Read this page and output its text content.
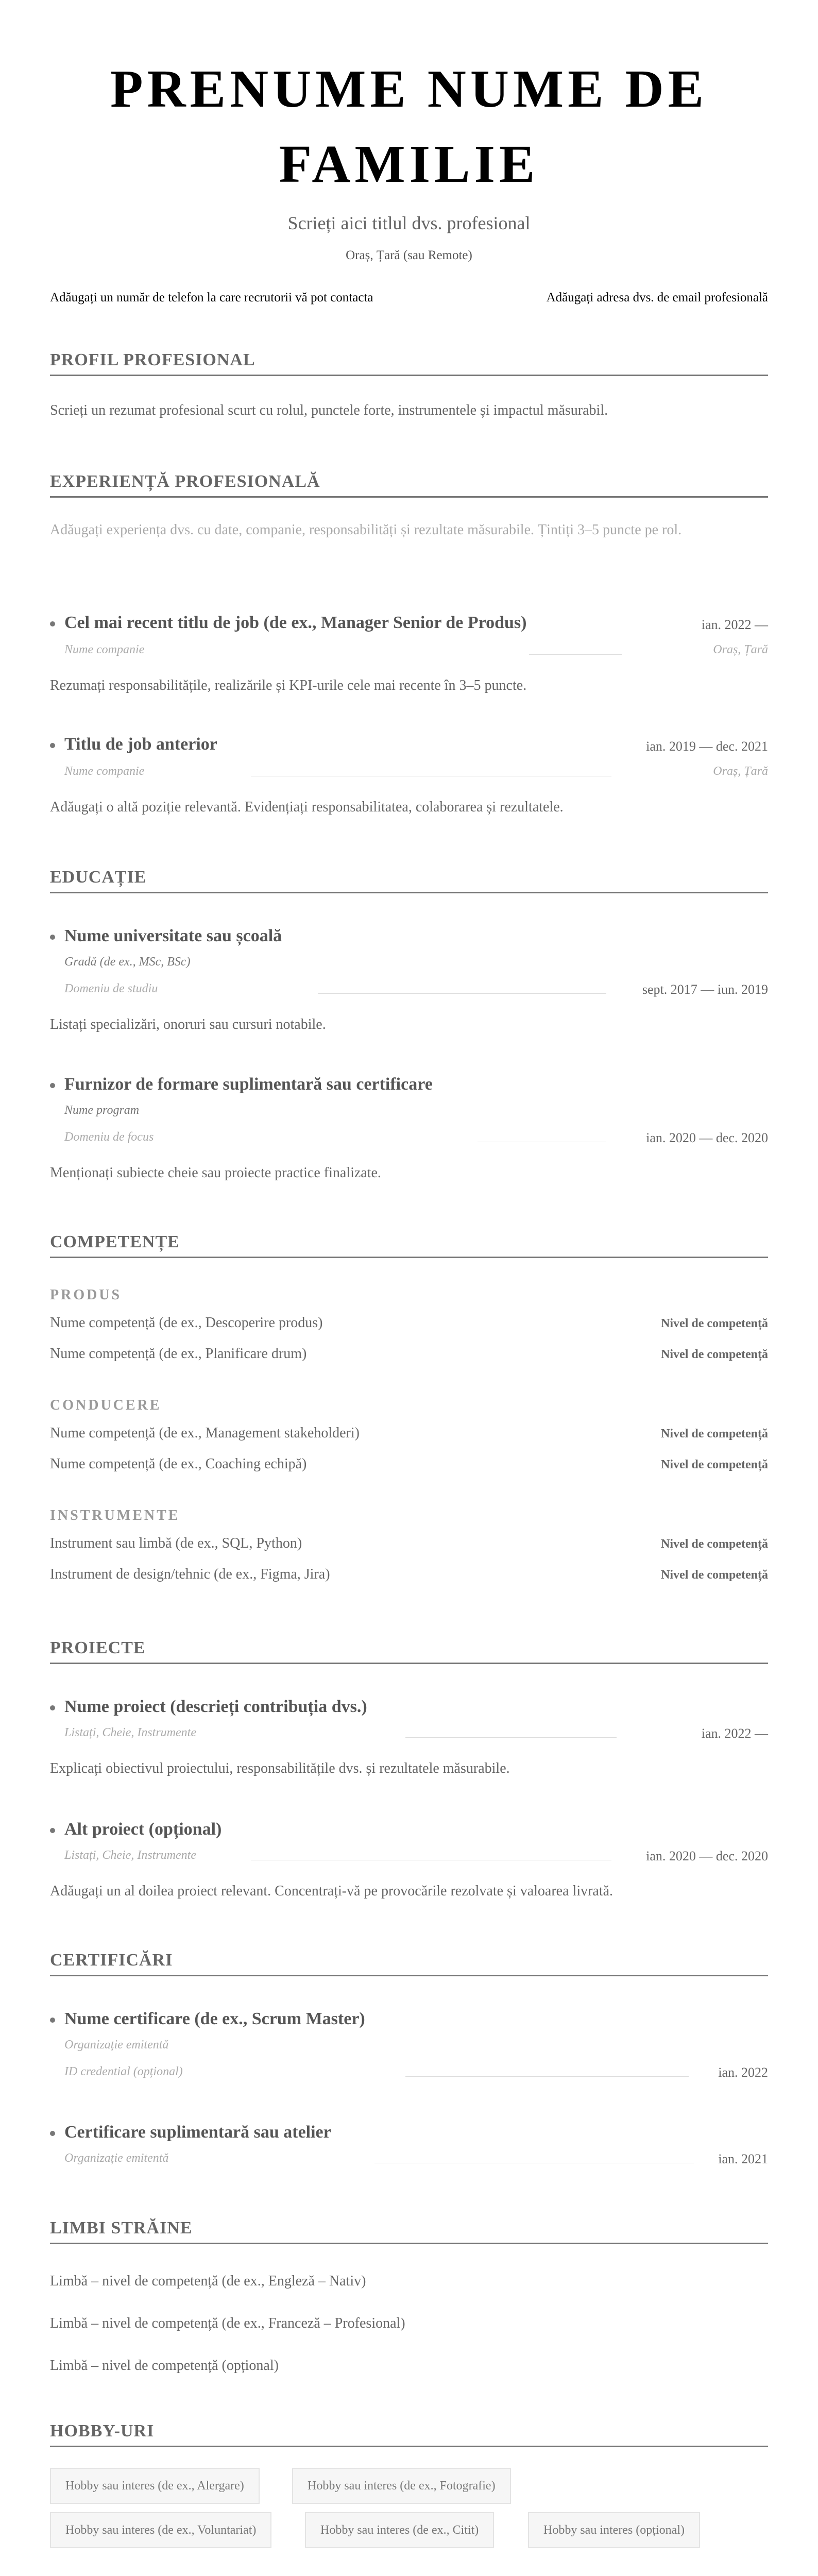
PRENUME NUME DE
FAMILIE
Scrieți aici titlul dvs. profesional
Oraș, Țară (sau Remote)
Adăugați un număr de telefon la care recrutorii vă pot contacta	Adăugați adresa dvs. de email profesională
PROFIL PROFESIONAL
Scrieți un rezumat profesional scurt cu rolul, punctele forte, instrumentele și impactul măsurabil.
EXPERIENȚĂ PROFESIONALĂ
Adăugați experiența dvs. cu date, companie, responsabilități și rezultate măsurabile. Țintiți 3–5 puncte pe rol.
Cel mai recent titlu de job (de ex., Manager Senior de Produs)	ian. 2022 —
Nume companie	Oraș, Țară
Rezumați responsabilitățile, realizările și KPI-urile cele mai recente în 3–5 puncte.
Titlu de job anterior	ian. 2019 — dec. 2021
Nume companie	Oraș, Țară
Adăugați o altă poziție relevantă. Evidențiați responsabilitatea, colaborarea și rezultatele.
EDUCAȚIE
Nume universitate sau școală
Gradă (de ex., MSc, BSc)
Domeniu de studiu	sept. 2017 — iun. 2019
Listați specializări, onoruri sau cursuri notabile.
Furnizor de formare suplimentară sau certificare
Nume program
Domeniu de focus	ian. 2020 — dec. 2020
Menționați subiecte cheie sau proiecte practice finalizate.
COMPETENȚE
PRODUS
Nume competență (de ex., Descoperire produs)	Nivel de competență
Nume competență (de ex., Planificare drum)	Nivel de competență
CONDUCERE
Nume competență (de ex., Management stakeholderi)	Nivel de competență
Nume competență (de ex., Coaching echipă)	Nivel de competență
INSTRUMENTE
Instrument sau limbă (de ex., SQL, Python)	Nivel de competență
Instrument de design/tehnic (de ex., Figma, Jira)	Nivel de competență
PROIECTE
Nume proiect (descrieți contribuția dvs.)
Listați, Cheie, Instrumente	ian. 2022 —
Explicați obiectivul proiectului, responsabilitățile dvs. și rezultatele măsurabile.
Alt proiect (opțional)
Listați, Cheie, Instrumente	ian. 2020 — dec. 2020
Adăugați un al doilea proiect relevant. Concentrați-vă pe provocările rezolvate și valoarea livrată.
CERTIFICĂRI
Nume certificare (de ex., Scrum Master)
Organizație emitentă
ID credential (opțional)	ian. 2022
Certificare suplimentară sau atelier
Organizație emitentă	ian. 2021
LIMBI STRĂINE
Limbă – nivel de competență (de ex., Engleză – Nativ)
Limbă – nivel de competență (de ex., Franceză – Profesional)
Limbă – nivel de competență (opțional)
HOBBY-URI
Hobby sau interes (de ex., Alergare)	Hobby sau interes (de ex., Fotografie)
Hobby sau interes (de ex., Voluntariat)	Hobby sau interes (de ex., Citit)	Hobby sau interes (opțional)
